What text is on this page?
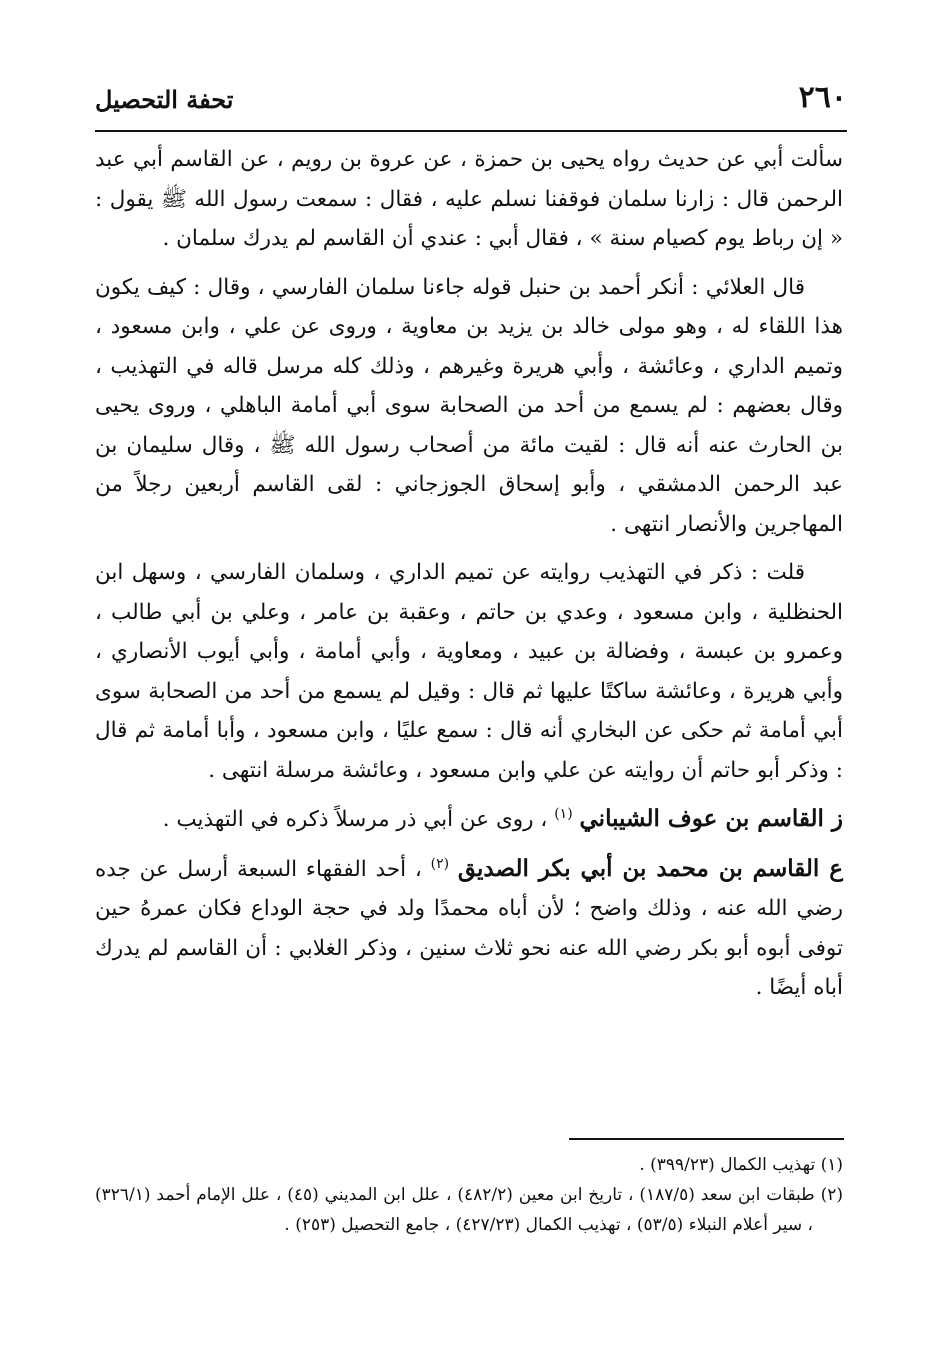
٢٦٠
تحفة التحصيل

سألت أبي عن حديث رواه يحيى بن حمزة ، عن عروة بن رويم ، عن القاسم أبي عبد الرحمن قال : زارنا سلمان فوقفنا نسلم عليه ، فقال : سمعت رسول الله ﷺ يقول : « إن رباط يوم كصيام سنة » ، فقال أبي : عندي أن القاسم لم يدرك سلمان .

قال العلائي : أنكر أحمد بن حنبل قوله جاءنا سلمان الفارسي ، وقال : كيف يكون هذا اللقاء له ، وهو مولى خالد بن يزيد بن معاوية ، وروى عن علي ، وابن مسعود ، وتميم الداري ، وعائشة ، وأبي هريرة وغيرهم ، وذلك كله مرسل قاله في التهذيب ، وقال بعضهم : لم يسمع من أحد من الصحابة سوى أبي أمامة الباهلي ، وروى يحيى بن الحارث عنه أنه قال : لقيت مائة من أصحاب رسول الله ﷺ ، وقال سليمان بن عبد الرحمن الدمشقي ، وأبو إسحاق الجوزجاني : لقى القاسم أربعين رجلاً من المهاجرين والأنصار انتهى .

قلت : ذكر في التهذيب روايته عن تميم الداري ، وسلمان الفارسي ، وسهل ابن الحنظلية ، وابن مسعود ، وعدي بن حاتم ، وعقبة بن عامر ، وعلي بن أبي طالب ، وعمرو بن عبسة ، وفضالة بن عبيد ، ومعاوية ، وأبي أمامة ، وأبي أيوب الأنصاري ، وأبي هريرة ، وعائشة ساكتًا عليها ثم قال : وقيل لم يسمع من أحد من الصحابة سوى أبي أمامة ثم حكى عن البخاري أنه قال : سمع عليًا ، وابن مسعود ، وأبا أمامة ثم قال : وذكر أبو حاتم أن روايته عن علي وابن مسعود ، وعائشة مرسلة انتهى .

ز القاسم بن عوف الشيباني $^{(١)}$ ، روى عن أبي ذر مرسلاً ذكره في التهذيب .

ع القاسم بن محمد بن أبي بكر الصديق $^{(٢)}$ ، أحد الفقهاء السبعة أرسل عن جده رضي الله عنه ، وذلك واضح ؛ لأن أباه محمدًا ولد في حجة الوداع فكان عمرهُ حين توفى أبوه أبو بكر رضي الله عنه نحو ثلاث سنين ، وذكر الغلابي : أن القاسم لم يدرك أباه أيضًا .

(١) تهذيب الكمال (٣٩٩/٢٣) .

(٢) طبقات ابن سعد (١٨٧/٥) ، تاريخ ابن معين (٤٨٢/٢) ، علل ابن المديني (٤٥) ، علل الإمام أحمد (٣٢٦/١) ، سير أعلام النبلاء (٥٣/٥) ، تهذيب الكمال (٤٢٧/٢٣) ، جامع التحصيل (٢٥٣) .
